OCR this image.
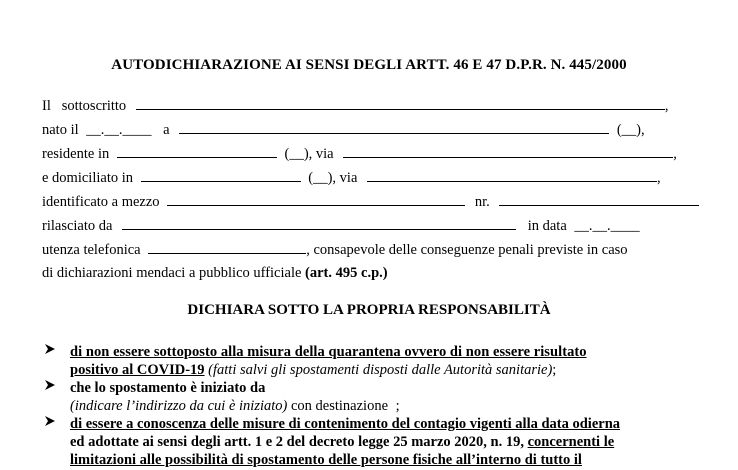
AUTODICHIARAZIONE AI SENSI DEGLI ARTT. 46 E 47 D.P.R. N. 445/2000
Il   sottoscritto	,
nato il __.__.____ a	(__),
residente in	(__), via	,
e domiciliato in	(__), via	,
identificato a mezzo	nr.
rilasciato da	in data __.__.____
utenza telefonica	, consapevole delle conseguenze penali previste in caso
di dichiarazioni mendaci a pubblico ufficiale (art. 495 c.p.)
DICHIARA SOTTO LA PROPRIA RESPONSABILITÀ
di non essere sottoposto alla misura della quarantena ovvero di non essere risultato
positivo al COVID-19 (fatti salvi gli spostamenti disposti dalle Autorità sanitarie);
che lo spostamento è iniziato da
(indicare l’indirizzo da cui è iniziato) con destinazione ;
di essere a conoscenza delle misure di contenimento del contagio vigenti alla data odierna
ed adottate ai sensi degli artt. 1 e 2 del decreto legge 25 marzo 2020, n. 19, concernenti le
limitazioni alle possibilità di spostamento delle persone fisiche all’interno di tutto il
